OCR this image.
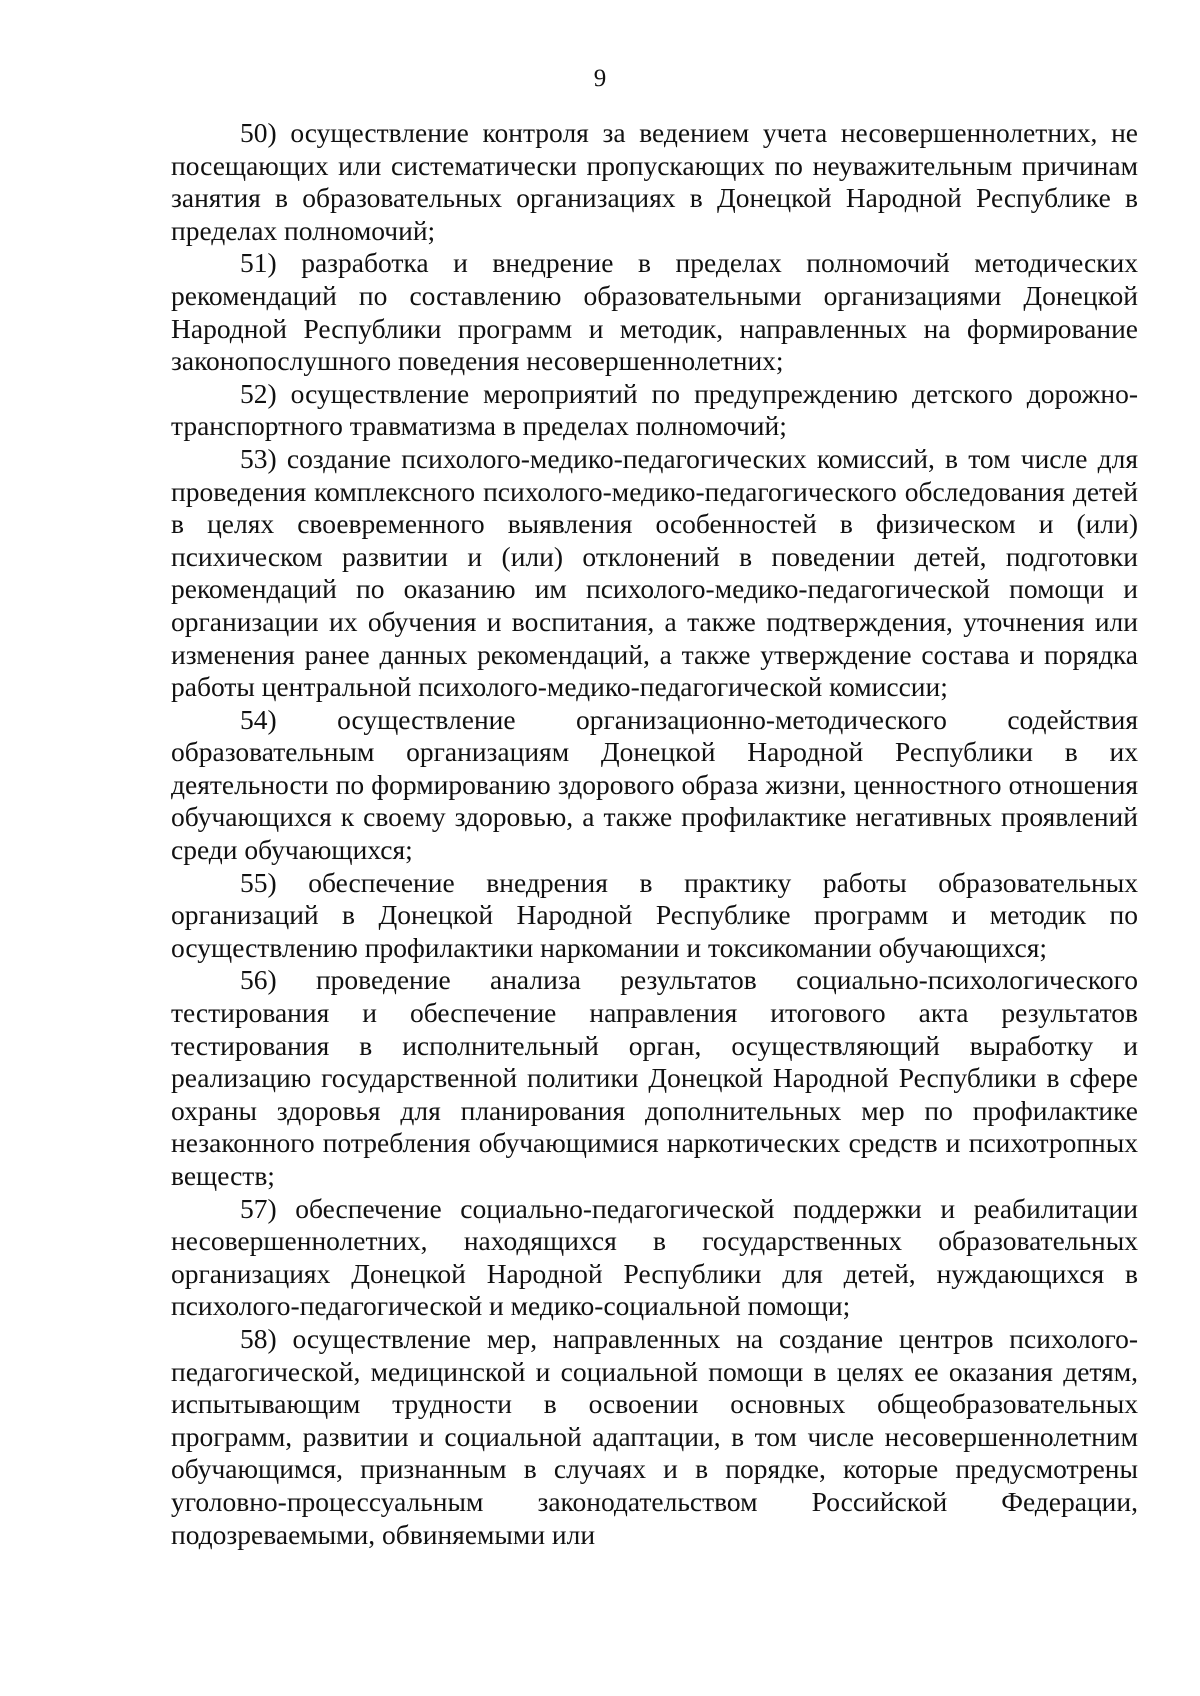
9

50) осуществление контроля за ведением учета несовершеннолетних, не посещающих или систематически пропускающих по неуважительным причинам занятия в образовательных организациях в Донецкой Народной Республике в пределах полномочий;

51) разработка и внедрение в пределах полномочий методических рекомендаций по составлению образовательными организациями Донецкой Народной Республики программ и методик, направленных на формирование законопослушного поведения несовершеннолетних;

52) осуществление мероприятий по предупреждению детского дорожно-транспортного травматизма в пределах полномочий;

53) создание психолого-медико-педагогических комиссий, в том числе для проведения комплексного психолого-медико-педагогического обследования детей в целях своевременного выявления особенностей в физическом и (или) психическом развитии и (или) отклонений в поведении детей, подготовки рекомендаций по оказанию им психолого-медико-педагогической помощи и организации их обучения и воспитания, а также подтверждения, уточнения или изменения ранее данных рекомендаций, а также утверждение состава и порядка работы центральной психолого-медико-педагогической комиссии;

54) осуществление организационно-методического содействия образовательным организациям Донецкой Народной Республики в их деятельности по формированию здорового образа жизни, ценностного отношения обучающихся к своему здоровью, а также профилактике негативных проявлений среди обучающихся;

55) обеспечение внедрения в практику работы образовательных организаций в Донецкой Народной Республике программ и методик по осуществлению профилактики наркомании и токсикомании обучающихся;

56) проведение анализа результатов социально-психологического тестирования и обеспечение направления итогового акта результатов тестирования в исполнительный орган, осуществляющий выработку и реализацию государственной политики Донецкой Народной Республики в сфере охраны здоровья для планирования дополнительных мер по профилактике незаконного потребления обучающимися наркотических средств и психотропных веществ;

57) обеспечение социально-педагогической поддержки и реабилитации несовершеннолетних, находящихся в государственных образовательных организациях Донецкой Народной Республики для детей, нуждающихся в психолого-педагогической и медико-социальной помощи;

58) осуществление мер, направленных на создание центров психолого-педагогической, медицинской и социальной помощи в целях ее оказания детям, испытывающим трудности в освоении основных общеобразовательных программ, развитии и социальной адаптации, в том числе несовершеннолетним обучающимся, признанным в случаях и в порядке, которые предусмотрены уголовно-процессуальным законодательством Российской Федерации, подозреваемыми, обвиняемыми или
